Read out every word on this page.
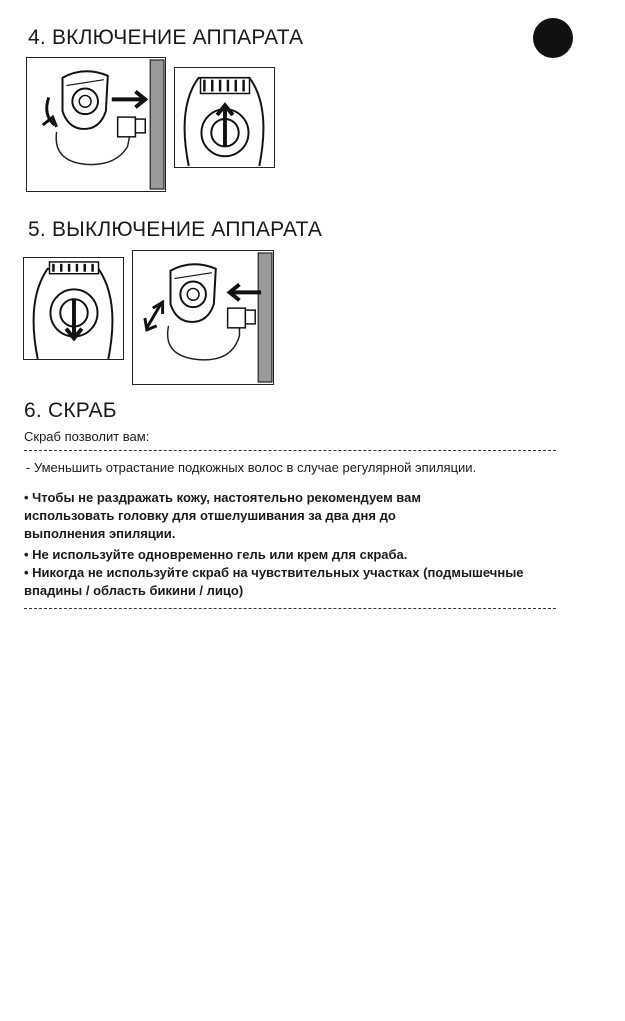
4. ВКЛЮЧЕНИЕ АППАРАТА
5. ВЫКЛЮЧЕНИЕ АППАРАТА
6. СКРАБ
Скраб позволит вам:
- Уменьшить отрастание подкожных волос в случае регулярной эпиляции.
• Чтобы не раздражать кожу, настоятельно рекомендуем вам
использовать головку для отшелушивания за два дня до
выполнения эпиляции.
• Не используйте одновременно гель или крем для скраба.
• Никогда не используйте скраб на чувствительных участках (подмышечные
впадины / область бикини / лицо)
